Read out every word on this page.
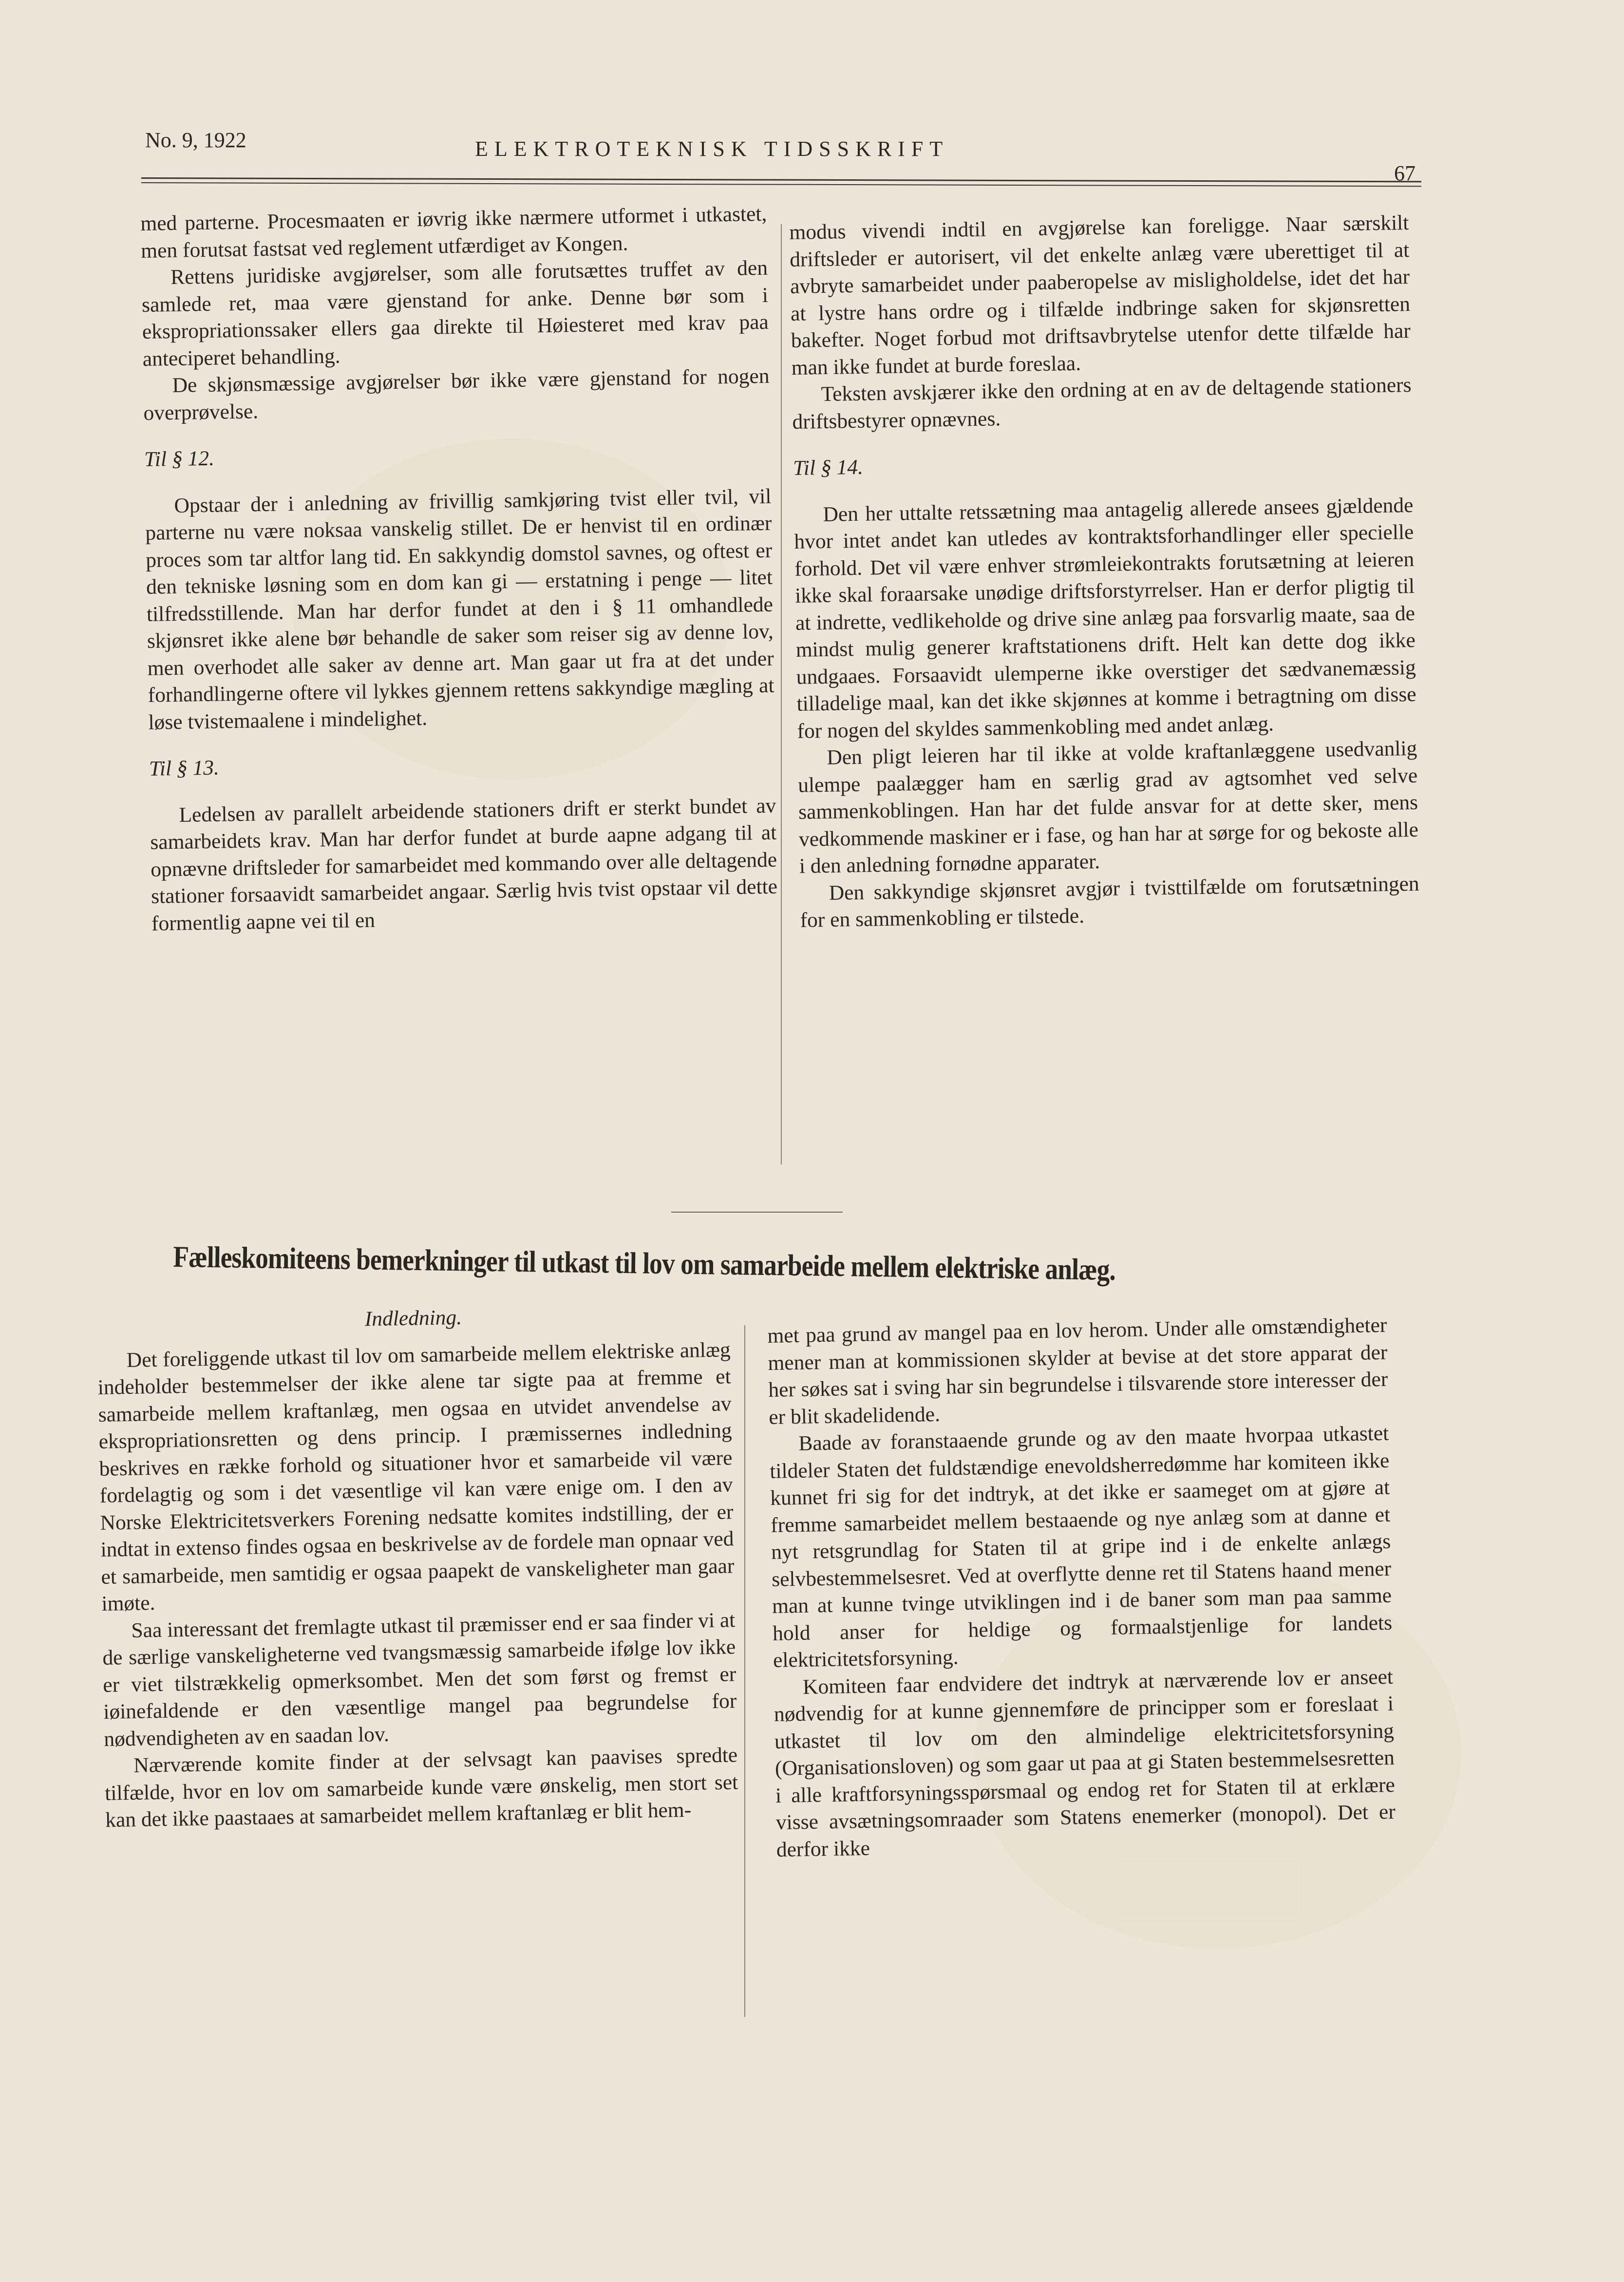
No. 9, 1922	ELEKTROTEKNISK TIDSSKRIFT
67

med parterne. Procesmaaten er iøvrig ikke nærmere utformet i utkastet, men forutsat fastsat ved reglement utfærdiget av Kongen.

Rettens juridiske avgjørelser, som alle forutsættes truffet av den samlede ret, maa være gjenstand for anke. Denne bør som i ekspropriationssaker ellers gaa direkte til Høiesteret med krav paa anteciperet behandling.

De skjønsmæssige avgjørelser bør ikke være gjenstand for nogen overprøvelse.

Til § 12.

Opstaar der i anledning av frivillig samkjøring tvist eller tvil, vil parterne nu være noksaa vanskelig stillet. De er henvist til en ordinær proces som tar altfor lang tid. En sakkyndig domstol savnes, og oftest er den tekniske løsning som en dom kan gi — erstatning i penge — litet tilfredsstillende. Man har derfor fundet at den i § 11 omhandlede skjønsret ikke alene bør behandle de saker som reiser sig av denne lov, men overhodet alle saker av denne art. Man gaar ut fra at det under forhandlingerne oftere vil lykkes gjennem rettens sakkyndige mægling at løse tvistemaalene i mindelighet.

Til § 13.

Ledelsen av parallelt arbeidende stationers drift er sterkt bundet av samarbeidets krav. Man har derfor fundet at burde aapne adgang til at opnævne driftsleder for samarbeidet med kommando over alle deltagende stationer forsaavidt samarbeidet angaar. Særlig hvis tvist opstaar vil dette formentlig aapne vei til en

modus vivendi indtil en avgjørelse kan foreligge. Naar særskilt driftsleder er autorisert, vil det enkelte anlæg være uberettiget til at avbryte samarbeidet under paaberopelse av misligholdelse, idet det har at lystre hans ordre og i tilfælde indbringe saken for skjønsretten bakefter. Noget forbud mot driftsavbrytelse utenfor dette tilfælde har man ikke fundet at burde foreslaa.

Teksten avskjærer ikke den ordning at en av de deltagende stationers driftsbestyrer opnævnes.

Til § 14.

Den her uttalte retssætning maa antagelig allerede ansees gjældende hvor intet andet kan utledes av kontraktsforhandlinger eller specielle forhold. Det vil være enhver strømleiekontrakts forutsætning at leieren ikke skal foraarsake unødige driftsforstyrrelser. Han er derfor pligtig til at indrette, vedlikeholde og drive sine anlæg paa forsvarlig maate, saa de mindst mulig generer kraftstationens drift. Helt kan dette dog ikke undgaaes. Forsaavidt ulemperne ikke overstiger det sædvanemæssig tilladelige maal, kan det ikke skjønnes at komme i betragtning om disse for nogen del skyldes sammenkobling med andet anlæg.

Den pligt leieren har til ikke at volde kraftanlæggene usedvanlig ulempe paalægger ham en særlig grad av agtsomhet ved selve sammenkoblingen. Han har det fulde ansvar for at dette sker, mens vedkommende maskiner er i fase, og han har at sørge for og bekoste alle i den anledning fornødne apparater.

Den sakkyndige skjønsret avgjør i tvisttilfælde om forutsætningen for en sammenkobling er tilstede.

Fælleskomiteens bemerkninger til utkast til lov om samarbeide mellem elektriske anlæg.

Indledning.

Det foreliggende utkast til lov om samarbeide mellem elektriske anlæg indeholder bestemmelser der ikke alene tar sigte paa at fremme et samarbeide mellem kraftanlæg, men ogsaa en utvidet anvendelse av ekspropriationsretten og dens princip. I præmissernes indledning beskrives en række forhold og situationer hvor et samarbeide vil være fordelagtig og som i det væsentlige vil kan være enige om. I den av Norske Elektricitetsverkers Forening nedsatte komites indstilling, der er indtat in extenso findes ogsaa en beskrivelse av de fordele man opnaar ved et samarbeide, men samtidig er ogsaa paapekt de vanskeligheter man gaar imøte.

Saa interessant det fremlagte utkast til præmisser end er saa finder vi at de særlige vanskeligheterne ved tvangsmæssig samarbeide ifølge lov ikke er viet tilstrækkelig opmerksombet. Men det som først og fremst er iøinefaldende er den væsentlige mangel paa begrundelse for nødvendigheten av en saadan lov.

Nærværende komite finder at der selvsagt kan paavises spredte tilfælde, hvor en lov om samarbeide kunde være ønskelig, men stort set kan det ikke paastaaes at samarbeidet mellem kraftanlæg er blit hem-

met paa grund av mangel paa en lov herom. Under alle omstændigheter mener man at kommissionen skylder at bevise at det store apparat der her søkes sat i sving har sin begrundelse i tilsvarende store interesser der er blit skadelidende.

Baade av foranstaaende grunde og av den maate hvorpaa utkastet tildeler Staten det fuldstændige enevoldsherredømme har komiteen ikke kunnet fri sig for det indtryk, at det ikke er saameget om at gjøre at fremme samarbeidet mellem bestaaende og nye anlæg som at danne et nyt retsgrundlag for Staten til at gripe ind i de enkelte anlægs selvbestemmelsesret. Ved at overflytte denne ret til Statens haand mener man at kunne tvinge utviklingen ind i de baner som man paa samme hold anser for heldige og formaalstjenlige for landets elektricitetsforsyning.

Komiteen faar endvidere det indtryk at nærværende lov er anseet nødvendig for at kunne gjennemføre de principper som er foreslaat i utkastet til lov om den almindelige elektricitetsforsyning (Organisationsloven) og som gaar ut paa at gi Staten bestemmelsesretten i alle kraftforsyningsspørsmaal og endog ret for Staten til at erklære visse avsætningsomraader som Statens enemerker (monopol). Det er derfor ikke
